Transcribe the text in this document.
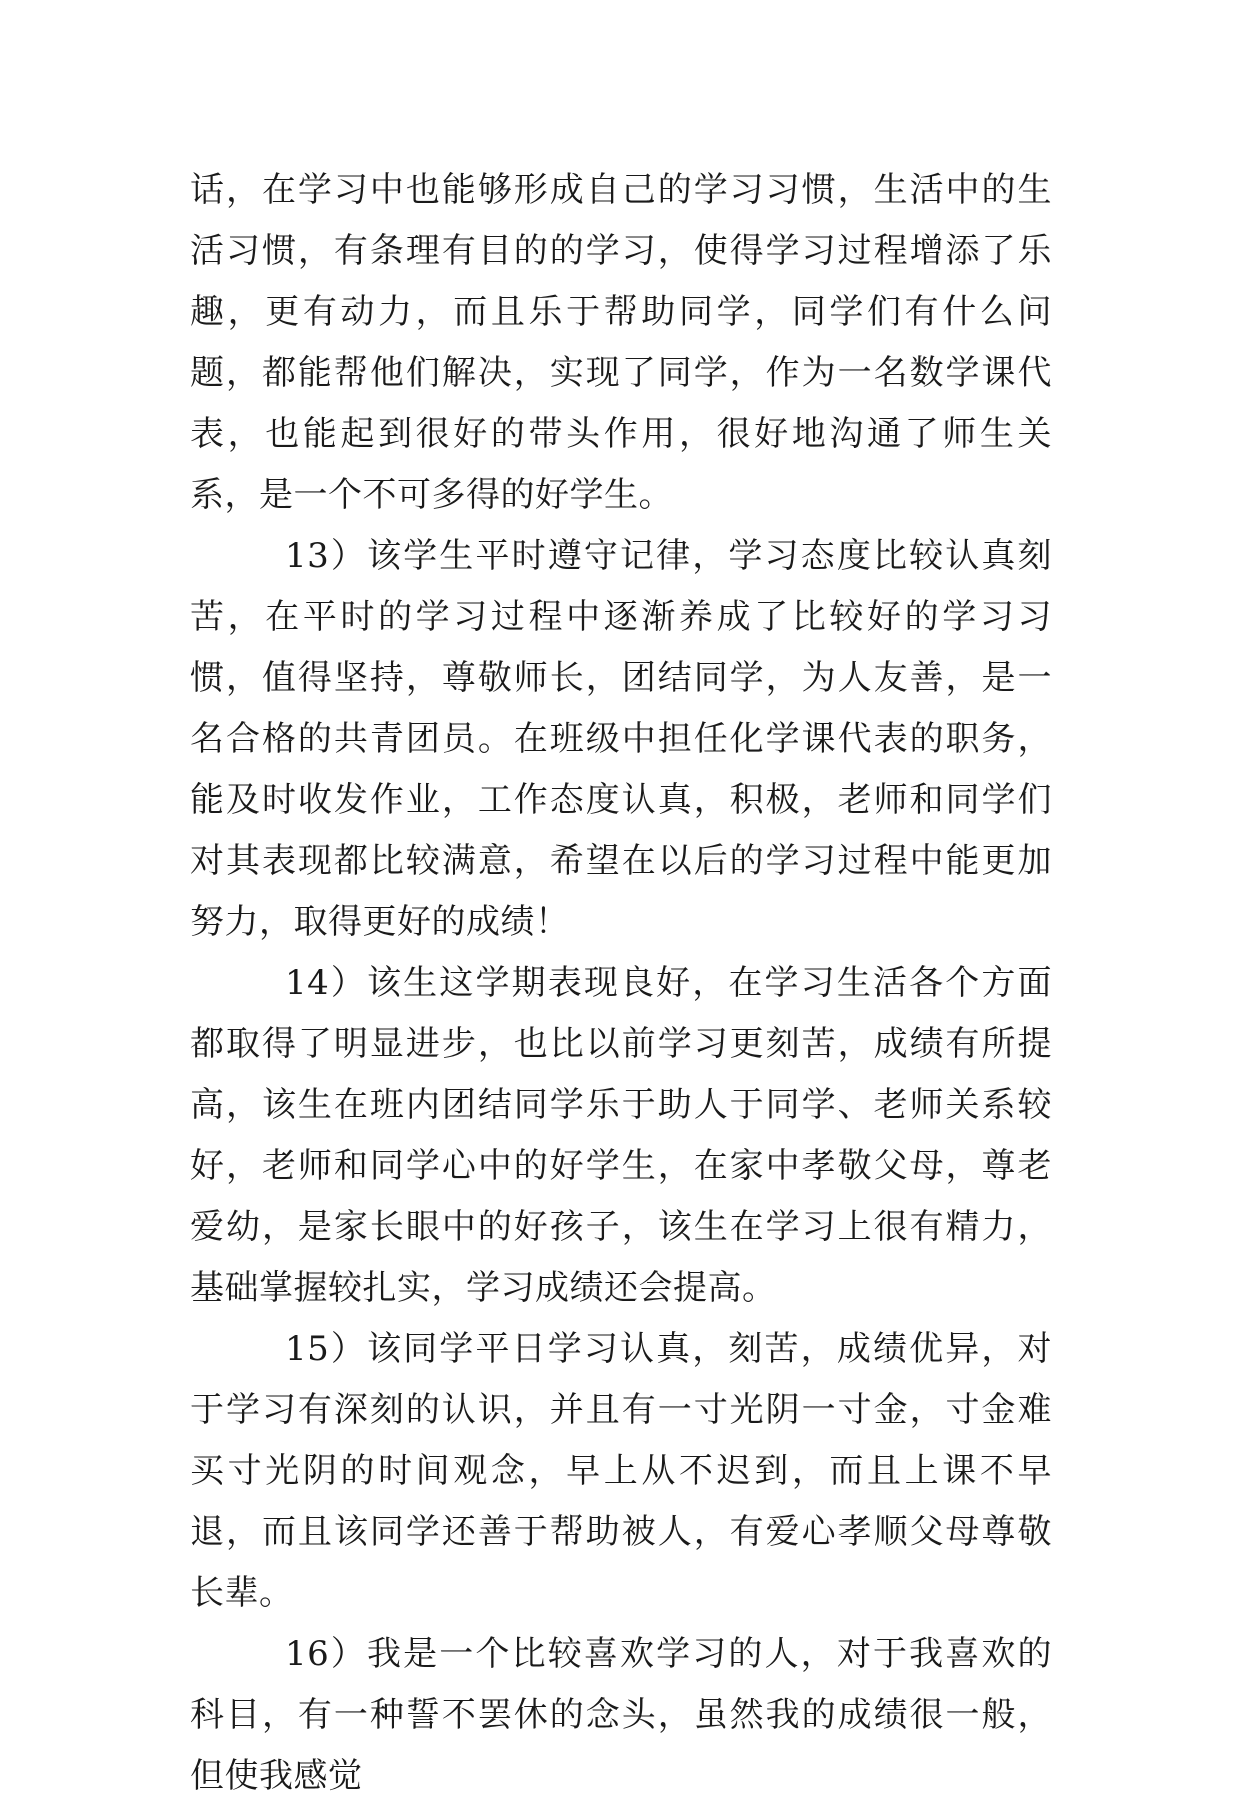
话，在学习中也能够形成自己的学习习惯，生活中的生活习惯，有条理有目的的学习，使得学习过程增添了乐趣，更有动力，而且乐于帮助同学，同学们有什么问题，都能帮他们解决，实现了同学，作为一名数学课代表，也能起到很好的带头作用，很好地沟通了师生关系，是一个不可多得的好学生。

13）该学生平时遵守记律，学习态度比较认真刻苦，在平时的学习过程中逐渐养成了比较好的学习习惯，值得坚持，尊敬师长，团结同学，为人友善，是一名合格的共青团员。在班级中担任化学课代表的职务，能及时收发作业，工作态度认真，积极，老师和同学们对其表现都比较满意，希望在以后的学习过程中能更加努力，取得更好的成绩！

14）该生这学期表现良好，在学习生活各个方面都取得了明显进步，也比以前学习更刻苦，成绩有所提高，该生在班内团结同学乐于助人于同学、老师关系较好，老师和同学心中的好学生，在家中孝敬父母，尊老爱幼，是家长眼中的好孩子，该生在学习上很有精力，基础掌握较扎实，学习成绩还会提高。

15）该同学平日学习认真，刻苦，成绩优异，对于学习有深刻的认识，并且有一寸光阴一寸金，寸金难买寸光阴的时间观念，早上从不迟到，而且上课不早退，而且该同学还善于帮助被人，有爱心孝顺父母尊敬长辈。

16）我是一个比较喜欢学习的人，对于我喜欢的科目，有一种誓不罢休的念头，虽然我的成绩很一般，但使我感觉
